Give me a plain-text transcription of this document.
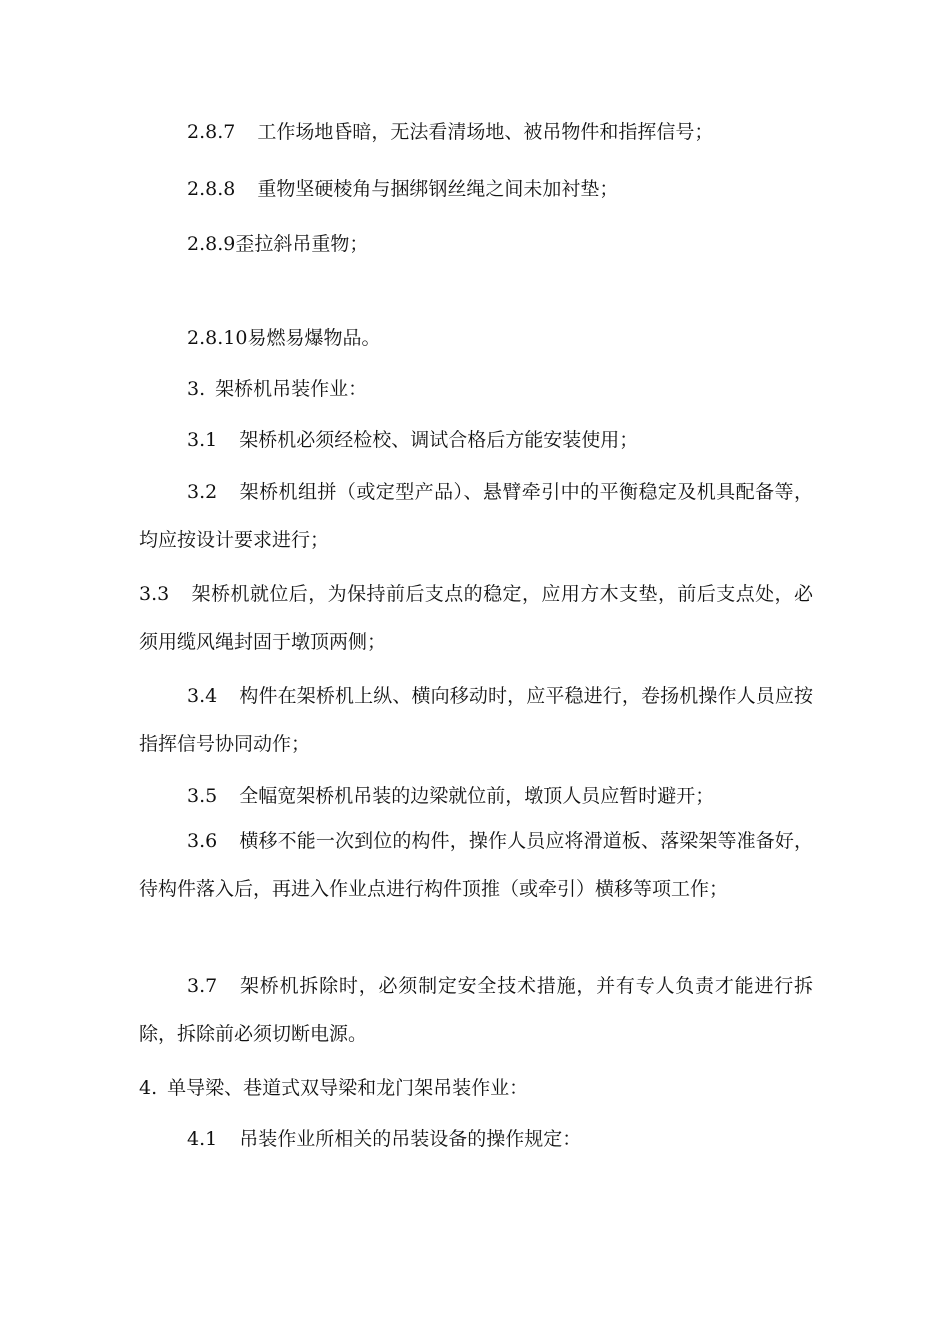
2.8.7 工作场地昏暗，无法看清场地、被吊物件和指挥信号；

2.8.8 重物坚硬棱角与捆绑钢丝绳之间未加衬垫；

2.8.9歪拉斜吊重物；

2.8.10易燃易爆物品。

3. 架桥机吊装作业：

3.1 架桥机必须经检校、调试合格后方能安装使用；

3.2 架桥机组拼（或定型产品）、悬臂牵引中的平衡稳定及机具配备等，均应按设计要求进行；

3.3 架桥机就位后，为保持前后支点的稳定，应用方木支垫，前后支点处，必须用缆风绳封固于墩顶两侧；

3.4 构件在架桥机上纵、横向移动时，应平稳进行，卷扬机操作人员应按指挥信号协同动作；

3.5 全幅宽架桥机吊装的边梁就位前，墩顶人员应暂时避开；

3.6 横移不能一次到位的构件，操作人员应将滑道板、落梁架等准备好，待构件落入后，再进入作业点进行构件顶推（或牵引）横移等项工作；

3.7 架桥机拆除时，必须制定安全技术措施，并有专人负责才能进行拆除，拆除前必须切断电源。

4. 单导梁、巷道式双导梁和龙门架吊装作业：

4.1 吊装作业所相关的吊装设备的操作规定：
